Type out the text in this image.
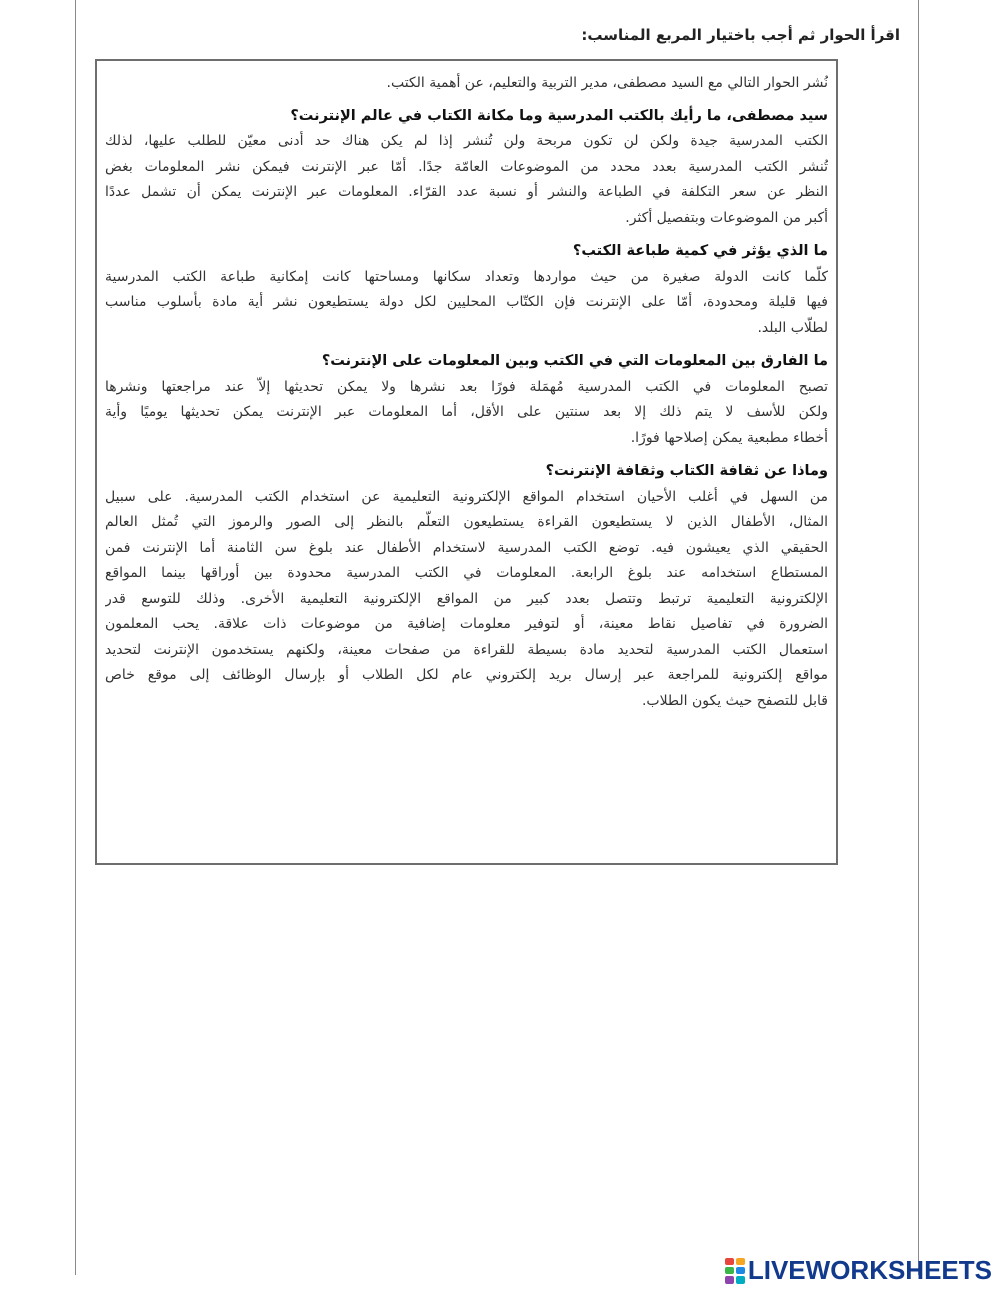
اقرأ الحوار ثم أجب باختيار المربع المناسب:
نُشر الحوار التالي مع السيد مصطفى، مدير التربية والتعليم، عن أهمية الكتب.
سيد مصطفى، ما رأيك بالكتب المدرسية وما مكانة الكتاب في عالم الإنترنت؟
الكتب المدرسية جيدة ولكن لن تكون مربحة ولن تُنشر إذا لم يكن هناك حد أدنى معيّن للطلب عليها، لذلك
تُنشر الكتب المدرسية بعدد محدد من الموضوعات العامّة جدًا. أمّا عبر الإنترنت فيمكن نشر المعلومات بغض
النظر عن سعر التكلفة في الطباعة والنشر أو نسبة عدد القرّاء. المعلومات عبر الإنترنت يمكن أن تشمل عددًا
أكبر من الموضوعات وبتفصيل أكثر.
ما الذي يؤثر في كمية طباعة الكتب؟
كلّما كانت الدولة صغيرة من حيث مواردها وتعداد سكانها ومساحتها كانت إمكانية طباعة الكتب المدرسية
فيها قليلة ومحدودة، أمّا على الإنترنت فإن الكتّاب المحليين لكل دولة يستطيعون نشر أية مادة بأسلوب مناسب
لطلّاب البلد.
ما الفارق بين المعلومات التي في الكتب وبين المعلومات على الإنترنت؟
تصبح المعلومات في الكتب المدرسية مُهمَلة فورًا بعد نشرها ولا يمكن تحديثها إلاّ عند مراجعتها ونشرها
ولكن للأسف لا يتم ذلك إلا بعد سنتين على الأقل، أما المعلومات عبر الإنترنت يمكن تحديثها يوميًا وأية
أخطاء مطبعية يمكن إصلاحها فورًا.
وماذا عن ثقافة الكتاب وثقافة الإنترنت؟
من السهل في أغلب الأحيان استخدام المواقع الإلكترونية التعليمية عن استخدام الكتب المدرسية. على سبيل
المثال، الأطفال الذين لا يستطيعون القراءة يستطيعون التعلّم بالنظر إلى الصور والرموز التي تُمثل العالم
الحقيقي الذي يعيشون فيه. توضع الكتب المدرسية لاستخدام الأطفال عند بلوغ سن الثامنة أما الإنترنت فمن
المستطاع استخدامه عند بلوغ الرابعة. المعلومات في الكتب المدرسية محدودة بين أوراقها بينما المواقع
الإلكترونية التعليمية ترتبط وتتصل بعدد كبير من المواقع الإلكترونية التعليمية الأخرى. وذلك للتوسع قدر
الضرورة في تفاصيل نقاط معينة، أو لتوفير معلومات إضافية من موضوعات ذات علاقة. يحب المعلمون
استعمال الكتب المدرسية لتحديد مادة بسيطة للقراءة من صفحات معينة، ولكنهم يستخدمون الإنترنت لتحديد
مواقع إلكترونية للمراجعة عبر إرسال بريد إلكتروني عام لكل الطلاب أو بإرسال الوظائف إلى موقع خاص
قابل للتصفح حيث يكون الطلاب.
LIVEWORKSHEETS
